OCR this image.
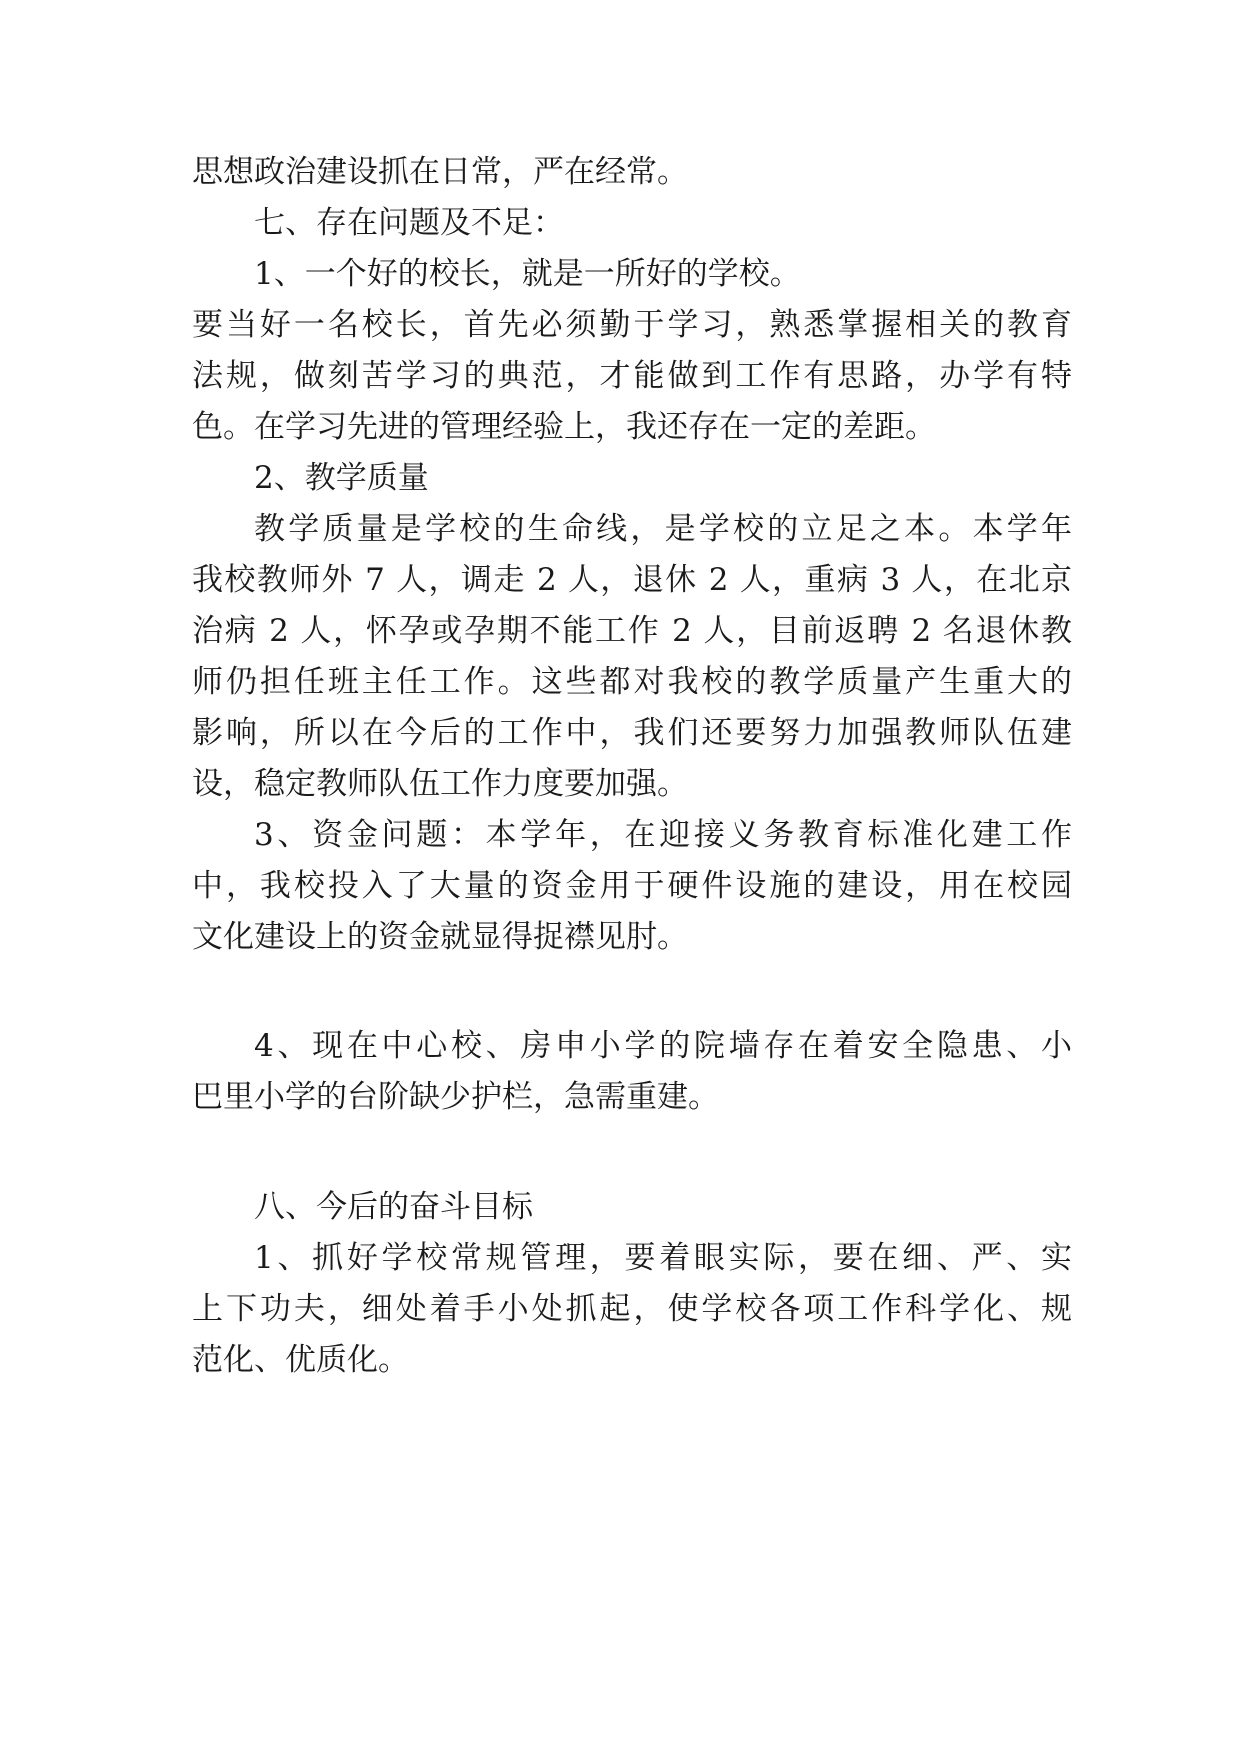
思想政治建设抓在日常，严在经常。
七、存在问题及不足：
1、一个好的校长，就是一所好的学校。
要当好一名校长，首先必须勤于学习，熟悉掌握相关的教育
法规，做刻苦学习的典范，才能做到工作有思路，办学有特
色。在学习先进的管理经验上，我还存在一定的差距。
2、教学质量
教学质量是学校的生命线，是学校的立足之本。本学年
我校教师外 7 人，调走 2 人，退休 2 人，重病 3 人，在北京
治病 2 人，怀孕或孕期不能工作 2 人，目前返聘 2 名退休教
师仍担任班主任工作。这些都对我校的教学质量产生重大的
影响，所以在今后的工作中，我们还要努力加强教师队伍建
设，稳定教师队伍工作力度要加强。
3、资金问题：本学年，在迎接义务教育标准化建工作
中，我校投入了大量的资金用于硬件设施的建设，用在校园
文化建设上的资金就显得捉襟见肘。
4、现在中心校、房申小学的院墙存在着安全隐患、小
巴里小学的台阶缺少护栏，急需重建。
八、今后的奋斗目标
1、抓好学校常规管理，要着眼实际，要在细、严、实
上下功夫，细处着手小处抓起，使学校各项工作科学化、规
范化、优质化。
